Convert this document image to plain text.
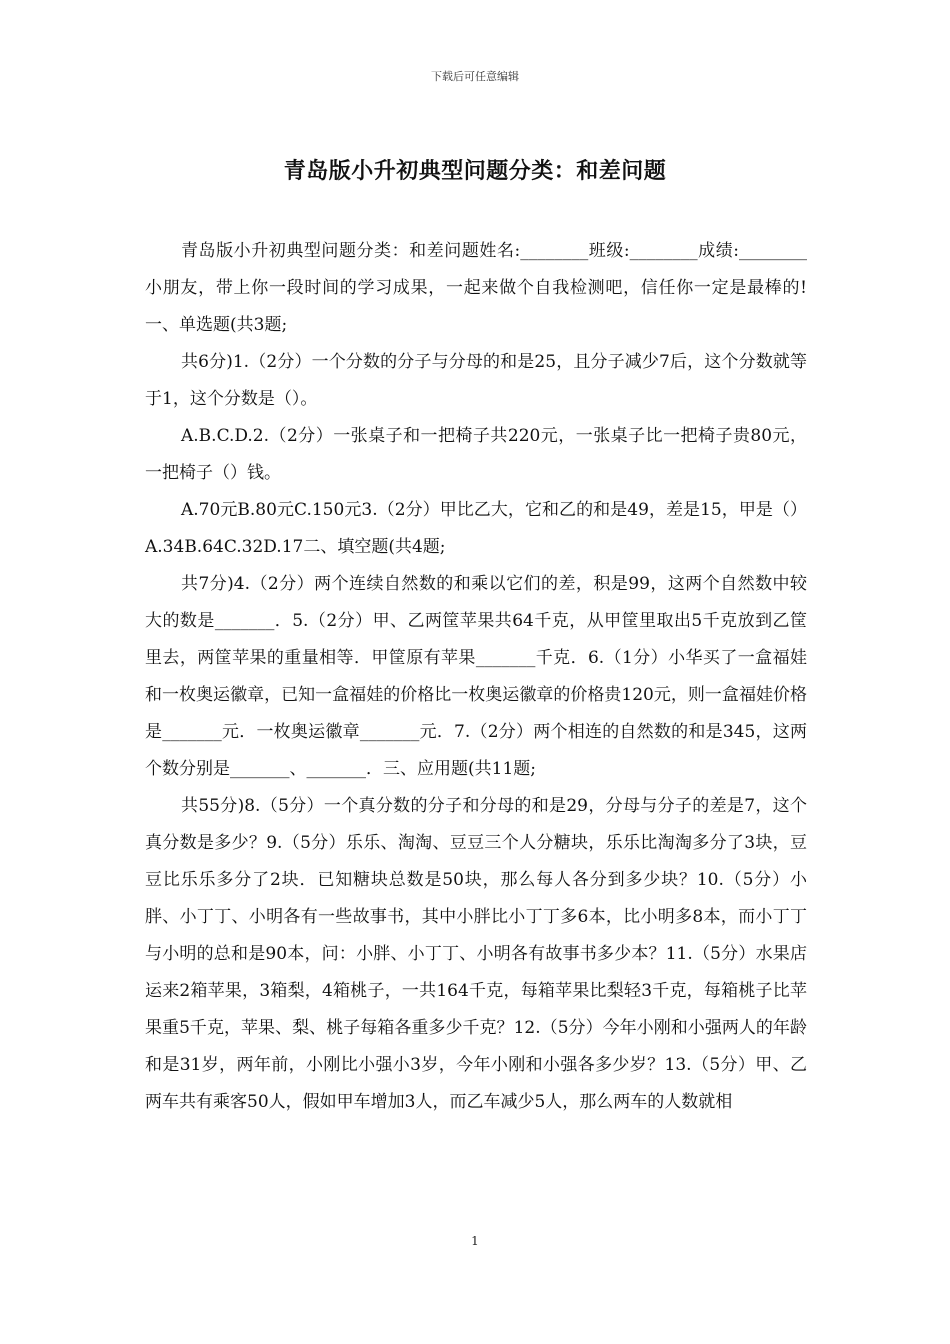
下载后可任意编辑
青岛版小升初典型问题分类：和差问题

青岛版小升初典型问题分类：和差问题姓名:________班级:________成绩:________小朋友，带上你一段时间的学习成果，一起来做个自我检测吧，信任你一定是最棒的!一、单选题(共3题;

共6分)1.（2分）一个分数的分子与分母的和是25，且分子减少7后，这个分数就等于1，这个分数是（）。

A.B.C.D.2.（2分）一张桌子和一把椅子共220元，一张桌子比一把椅子贵80元，一把椅子（）钱。

A.70元B.80元C.150元3.（2分）甲比乙大，它和乙的和是49，差是15，甲是（）A.34B.64C.32D.17二、填空题(共4题;

共7分)4.（2分）两个连续自然数的和乘以它们的差，积是99，这两个自然数中较大的数是_______．5.（2分）甲、乙两筐苹果共64千克，从甲筐里取出5千克放到乙筐里去，两筐苹果的重量相等．甲筐原有苹果_______千克．6.（1分）小华买了一盒福娃和一枚奥运徽章，已知一盒福娃的价格比一枚奥运徽章的价格贵120元，则一盒福娃价格是_______元．一枚奥运徽章_______元．7.（2分）两个相连的自然数的和是345，这两个数分别是_______、_______．三、应用题(共11题;

共55分)8.（5分）一个真分数的分子和分母的和是29，分母与分子的差是7，这个真分数是多少？9.（5分）乐乐、淘淘、豆豆三个人分糖块，乐乐比淘淘多分了3块，豆豆比乐乐多分了2块．已知糖块总数是50块，那么每人各分到多少块？10.（5分）小胖、小丁丁、小明各有一些故事书，其中小胖比小丁丁多6本，比小明多8本，而小丁丁与小明的总和是90本，问：小胖、小丁丁、小明各有故事书多少本？11.（5分）水果店运来2箱苹果，3箱梨，4箱桃子，一共164千克，每箱苹果比梨轻3千克，每箱桃子比苹果重5千克，苹果、梨、桃子每箱各重多少千克？12.（5分）今年小刚和小强两人的年龄和是31岁，两年前，小刚比小强小3岁，今年小刚和小强各多少岁？13.（5分）甲、乙两车共有乘客50人，假如甲车增加3人，而乙车减少5人，那么两车的人数就相

1
